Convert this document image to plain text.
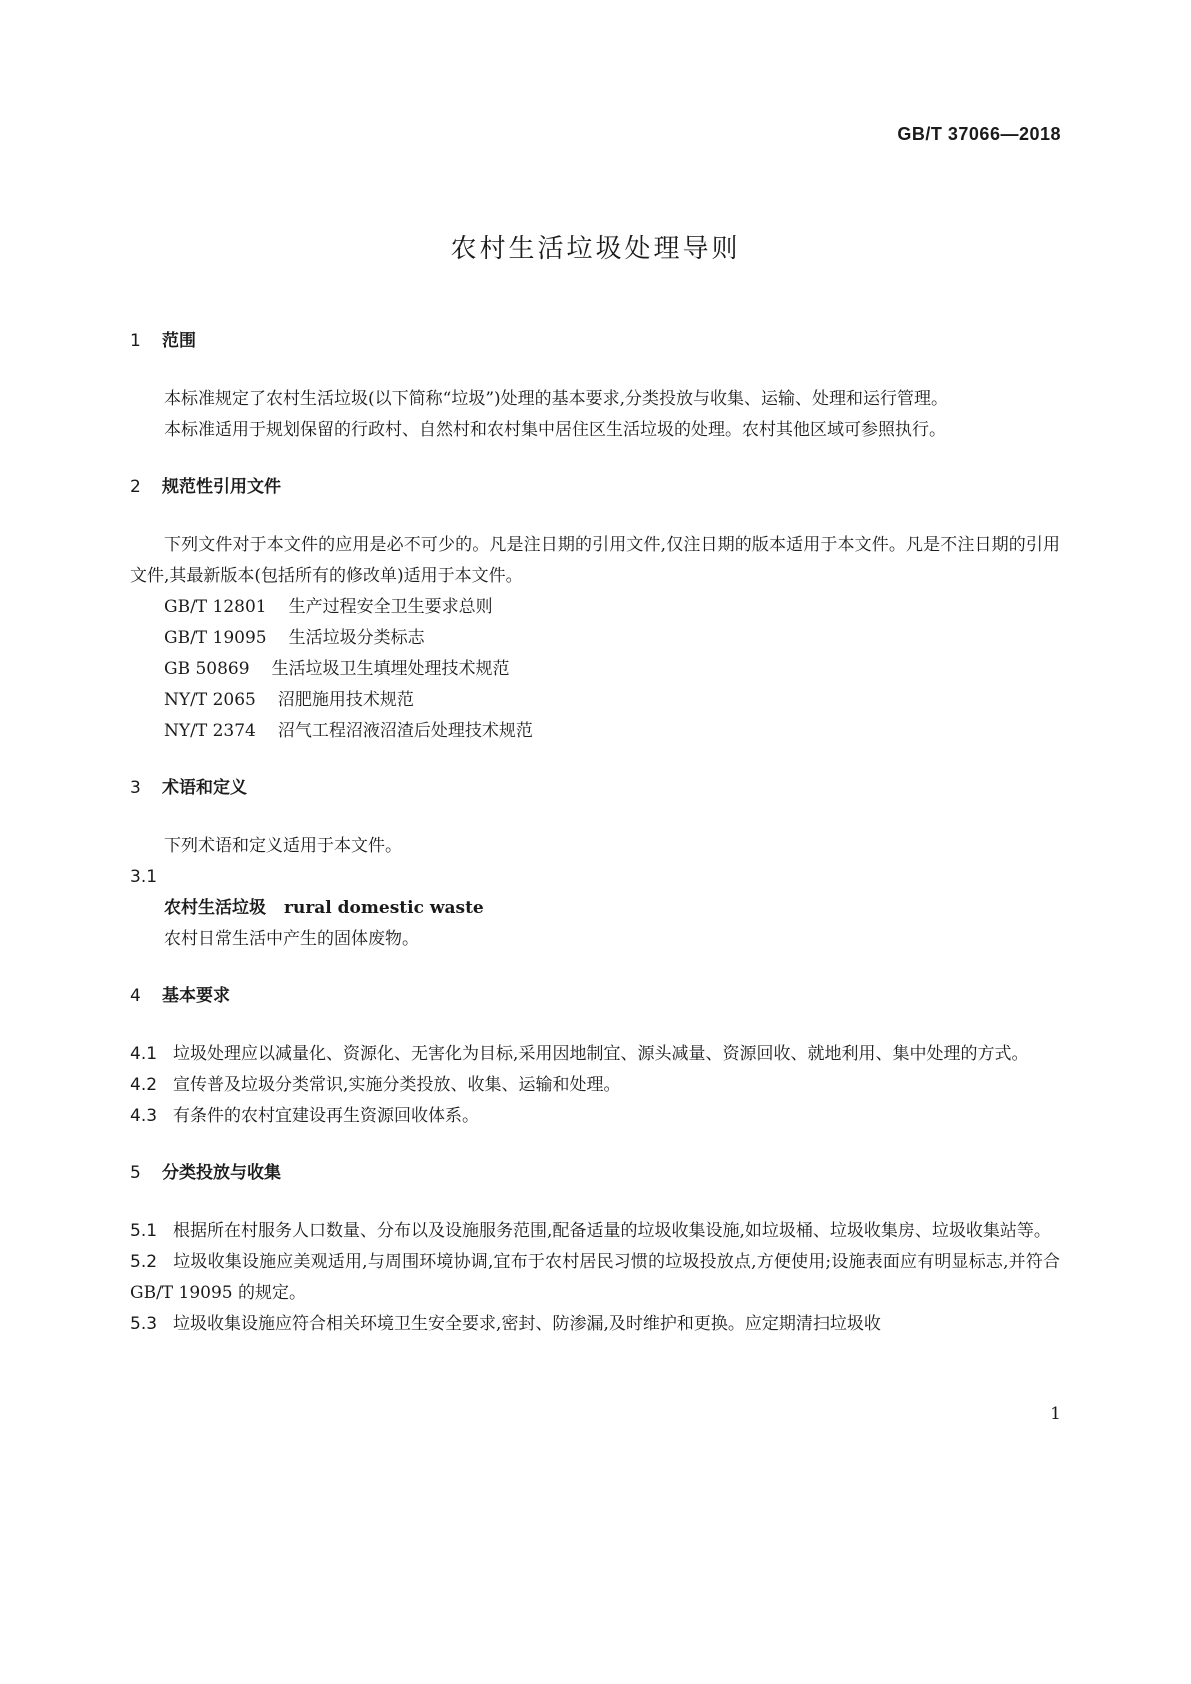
GB/T 37066—2018
农村生活垃圾处理导则
1 范围
本标准规定了农村生活垃圾(以下简称“垃圾”)处理的基本要求,分类投放与收集、运输、处理和运行管理。
本标准适用于规划保留的行政村、自然村和农村集中居住区生活垃圾的处理。农村其他区域可参照执行。
2 规范性引用文件
下列文件对于本文件的应用是必不可少的。凡是注日期的引用文件,仅注日期的版本适用于本文件。凡是不注日期的引用文件,其最新版本(包括所有的修改单)适用于本文件。
GB/T 12801 生产过程安全卫生要求总则
GB/T 19095 生活垃圾分类标志
GB 50869 生活垃圾卫生填埋处理技术规范
NY/T 2065 沼肥施用技术规范
NY/T 2374 沼气工程沼液沼渣后处理技术规范
3 术语和定义
下列术语和定义适用于本文件。
3.1
农村生活垃圾 rural domestic waste
农村日常生活中产生的固体废物。
4 基本要求
4.1 垃圾处理应以减量化、资源化、无害化为目标,采用因地制宜、源头减量、资源回收、就地利用、集中处理的方式。
4.2 宣传普及垃圾分类常识,实施分类投放、收集、运输和处理。
4.3 有条件的农村宜建设再生资源回收体系。
5 分类投放与收集
5.1 根据所在村服务人口数量、分布以及设施服务范围,配备适量的垃圾收集设施,如垃圾桶、垃圾收集房、垃圾收集站等。
5.2 垃圾收集设施应美观适用,与周围环境协调,宜布于农村居民习惯的垃圾投放点,方便使用;设施表面应有明显标志,并符合 GB/T 19095 的规定。
5.3 垃圾收集设施应符合相关环境卫生安全要求,密封、防渗漏,及时维护和更换。应定期清扫垃圾收
1
